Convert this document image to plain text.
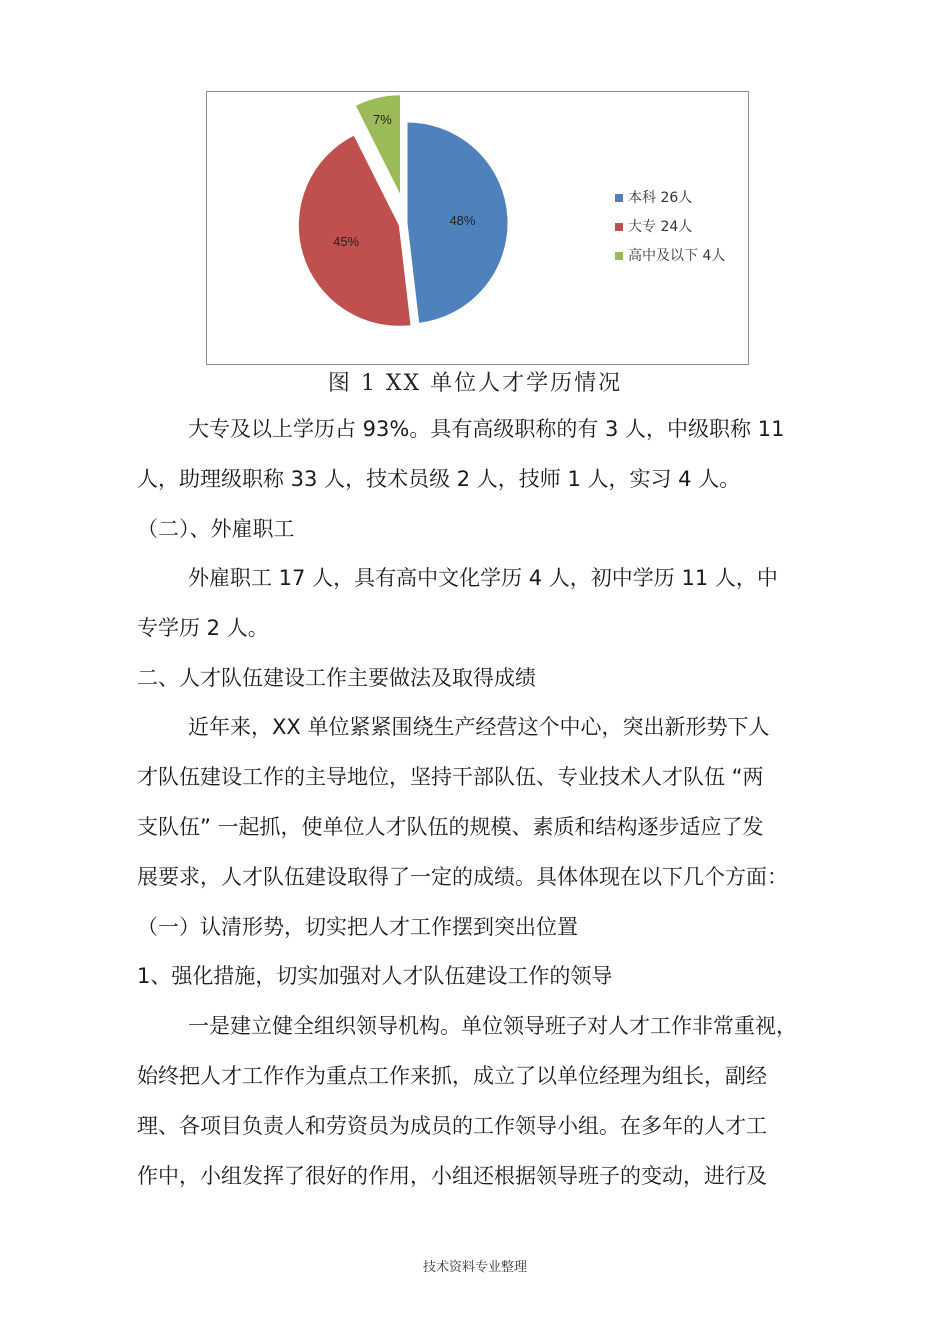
48%
45%
7%
本科 26人
大专 24人
高中及以下 4人
图 1 XX 单位人才学历情况
大专及以上学历占 93%。具有高级职称的有 3 人，中级职称 11
人，助理级职称 33 人，技术员级 2 人，技师 1 人，实习 4 人。
（二）、外雇职工
外雇职工 17 人，具有高中文化学历 4 人，初中学历 11 人，中
专学历 2 人。
二、人才队伍建设工作主要做法及取得成绩
近年来，XX 单位紧紧围绕生产经营这个中心，突出新形势下人
才队伍建设工作的主导地位，坚持干部队伍、专业技术人才队伍 “两
支队伍” 一起抓，使单位人才队伍的规模、素质和结构逐步适应了发
展要求，人才队伍建设取得了一定的成绩。具体体现在以下几个方面：
（一）认清形势，切实把人才工作摆到突出位置
1、强化措施，切实加强对人才队伍建设工作的领导
一是建立健全组织领导机构。单位领导班子对人才工作非常重视，
始终把人才工作作为重点工作来抓，成立了以单位经理为组长，副经
理、各项目负责人和劳资员为成员的工作领导小组。在多年的人才工
作中，小组发挥了很好的作用，小组还根据领导班子的变动，进行及
技术资料专业整理
